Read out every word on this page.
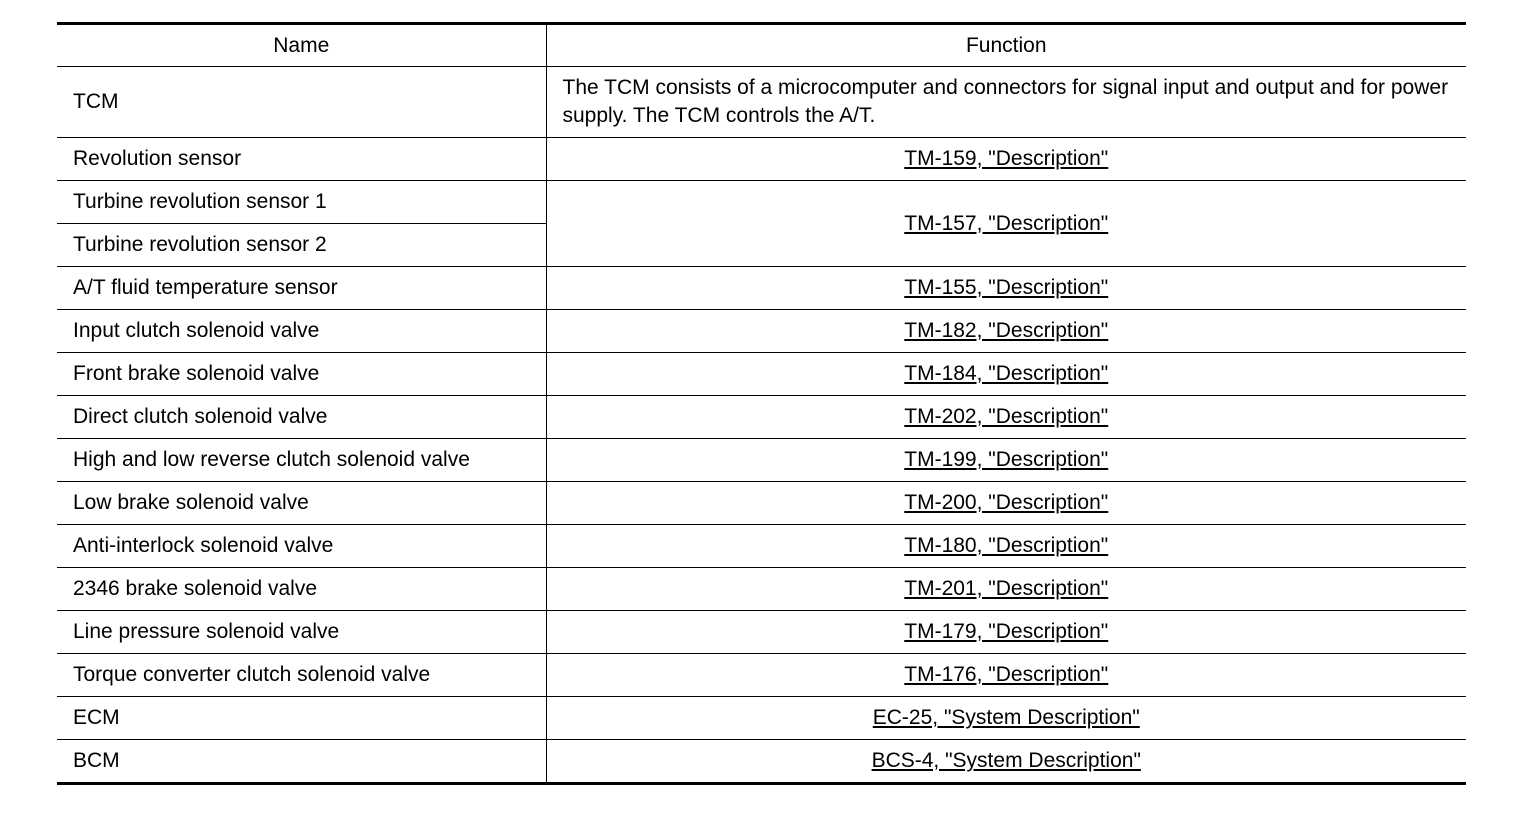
Name	Function
TCM	The TCM consists of a microcomputer and connectors for signal input and output and for power supply. The TCM controls the A/T.
Revolution sensor	TM-159, "Description"
Turbine revolution sensor 1	TM-157, "Description"
Turbine revolution sensor 2	
A/T fluid temperature sensor	TM-155, "Description"
Input clutch solenoid valve	TM-182, "Description"
Front brake solenoid valve	TM-184, "Description"
Direct clutch solenoid valve	TM-202, "Description"
High and low reverse clutch solenoid valve	TM-199, "Description"
Low brake solenoid valve	TM-200, "Description"
Anti-interlock solenoid valve	TM-180, "Description"
2346 brake solenoid valve	TM-201, "Description"
Line pressure solenoid valve	TM-179, "Description"
Torque converter clutch solenoid valve	TM-176, "Description"
ECM	EC-25, "System Description"
BCM	BCS-4, "System Description"
